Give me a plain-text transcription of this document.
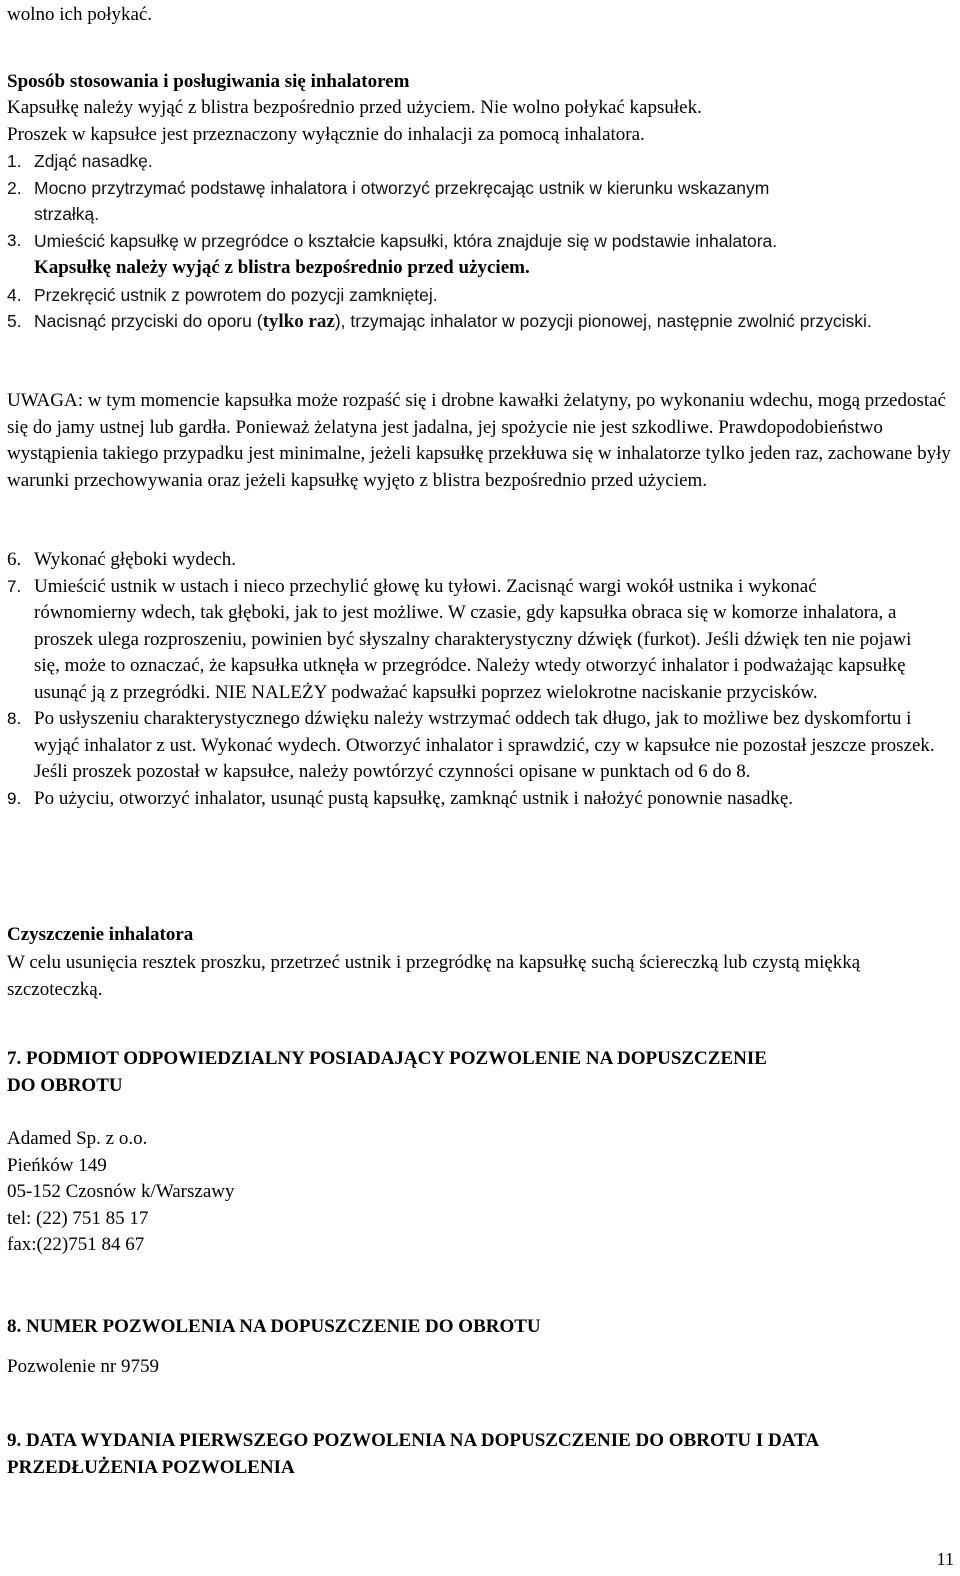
wolno ich połykać.

Sposób stosowania i posługiwania się inhalatorem

Kapsułkę należy wyjąć z blistra bezpośrednio przed użyciem. Nie wolno połykać kapsułek.

Proszek w kapsułce jest przeznaczony wyłącznie do inhalacji za pomocą inhalatora.

1. Zdjąć nasadkę.
2. Mocno przytrzymać podstawę inhalatora i otworzyć przekręcając ustnik w kierunku wskazanym strzałką.
3. Umieścić kapsułkę w przegródce o kształcie kapsułki, która znajduje się w podstawie inhalatora. Kapsułkę należy wyjąć z blistra bezpośrednio przed użyciem.
4. Przekręcić ustnik z powrotem do pozycji zamkniętej.
5. Nacisnąć przyciski do oporu (tylko raz), trzymając inhalator w pozycji pionowej, następnie zwolnić przyciski.

UWAGA: w tym momencie kapsułka może rozpaść się i drobne kawałki żelatyny, po wykonaniu wdechu, mogą przedostać się do jamy ustnej lub gardła. Ponieważ żelatyna jest jadalna, jej spożycie nie jest szkodliwe. Prawdopodobieństwo wystąpienia takiego przypadku jest minimalne, jeżeli kapsułkę przekłuwa się w inhalatorze tylko jeden raz, zachowane były warunki przechowywania oraz jeżeli kapsułkę wyjęto z blistra bezpośrednio przed użyciem.

6. Wykonać głęboki wydech.
7. Umieścić ustnik w ustach i nieco przechylić głowę ku tyłowi. Zacisnąć wargi wokół ustnika i wykonać równomierny wdech, tak głęboki, jak to jest możliwe. W czasie, gdy kapsułka obraca się w komorze inhalatora, a proszek ulega rozproszeniu, powinien być słyszalny charakterystyczny dźwięk (furkot). Jeśli dźwięk ten nie pojawi się, może to oznaczać, że kapsułka utknęła w przegródce. Należy wtedy otworzyć inhalator i podważając kapsułkę usunąć ją z przegródki. NIE NALEŻY podważać kapsułki poprzez wielokrotne naciskanie przycisków.
8. Po usłyszeniu charakterystycznego dźwięku należy wstrzymać oddech tak długo, jak to możliwe bez dyskomfortu i wyjąć inhalator z ust. Wykonać wydech. Otworzyć inhalator i sprawdzić, czy w kapsułce nie pozostał jeszcze proszek. Jeśli proszek pozostał w kapsułce, należy powtórzyć czynności opisane w punktach od 6 do 8.
9. Po użyciu, otworzyć inhalator, usunąć pustą kapsułkę, zamknąć ustnik i nałożyć ponownie nasadkę.

Czyszczenie inhalatora

W celu usunięcia resztek proszku, przetrzeć ustnik i przegródkę na kapsułkę suchą ściereczką lub czystą miękką szczoteczką.

7. PODMIOT ODPOWIEDZIALNY POSIADAJĄCY POZWOLENIE NA DOPUSZCZENIE DO OBROTU

Adamed Sp. z o.o.

Pieńków 149

05-152 Czosnów k/Warszawy

tel: (22) 751 85 17

fax:(22)751 84 67

8. NUMER POZWOLENIA NA DOPUSZCZENIE DO OBROTU

Pozwolenie nr 9759

9. DATA WYDANIA PIERWSZEGO POZWOLENIA NA DOPUSZCZENIE DO OBROTU I DATA PRZEDŁUŻENIA POZWOLENIA

11
